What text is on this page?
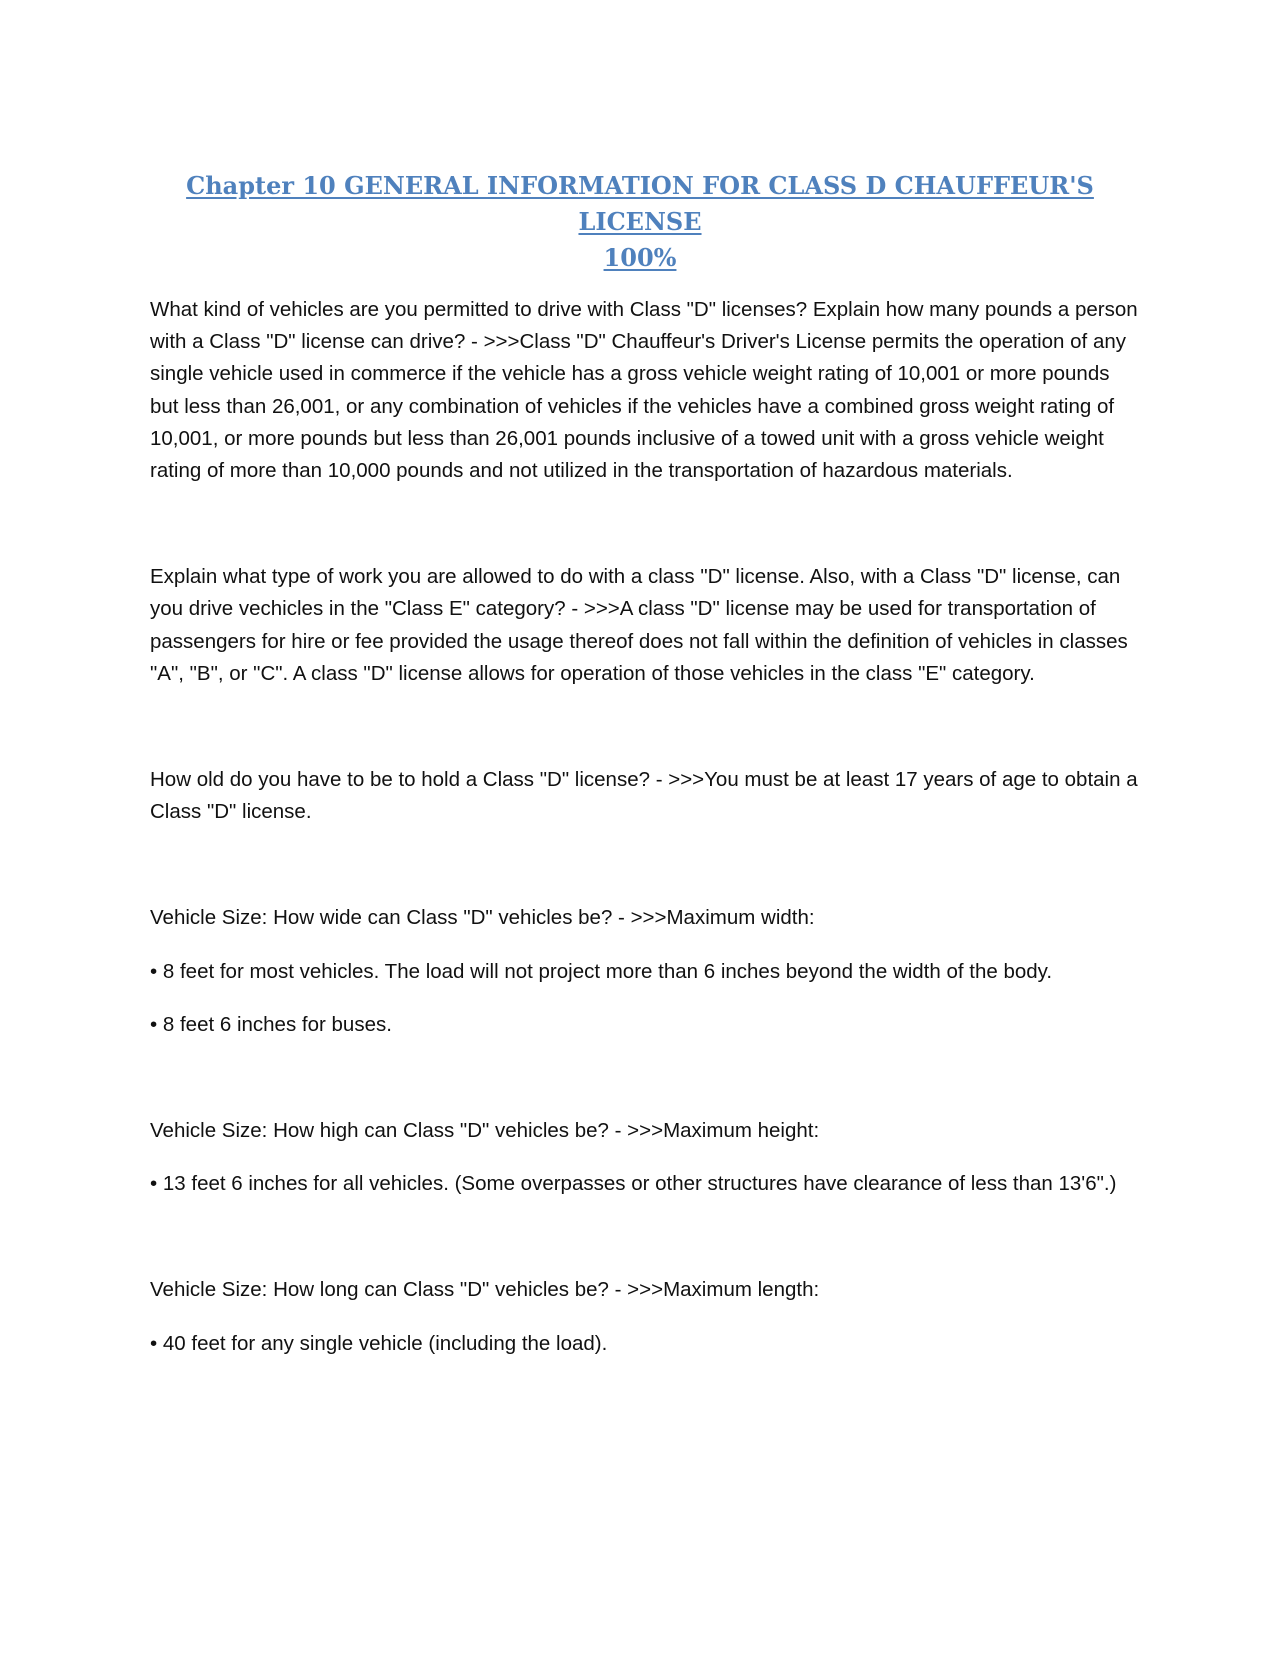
Chapter 10 GENERAL INFORMATION FOR CLASS D CHAUFFEUR'S LICENSE
100%

What kind of vehicles are you permitted to drive with Class "D" licenses? Explain how many pounds a person with a Class "D" license can drive? - >>>Class "D" Chauffeur's Driver's License permits the operation of any single vehicle used in commerce if the vehicle has a gross vehicle weight rating of 10,001 or more pounds but less than 26,001, or any combination of vehicles if the vehicles have a combined gross weight rating of 10,001, or more pounds but less than 26,001 pounds inclusive of a towed unit with a gross vehicle weight rating of more than 10,000 pounds and not utilized in the transportation of hazardous materials.

Explain what type of work you are allowed to do with a class "D" license. Also, with a Class "D" license, can you drive vechicles in the "Class E" category? - >>>A class "D" license may be used for transportation of passengers for hire or fee provided the usage thereof does not fall within the definition of vehicles in classes "A", "B", or "C". A class "D" license allows for operation of those vehicles in the class "E" category.

How old do you have to be to hold a Class "D" license? - >>>You must be at least 17 years of age to obtain a Class "D" license.

Vehicle Size: How wide can Class "D" vehicles be? - >>>Maximum width:

• 8 feet for most vehicles. The load will not project more than 6 inches beyond the width of the body.

• 8 feet 6 inches for buses.

Vehicle Size: How high can Class "D" vehicles be? - >>>Maximum height:

• 13 feet 6 inches for all vehicles. (Some overpasses or other structures have clearance of less than 13'6".)

Vehicle Size: How long can Class "D" vehicles be? - >>>Maximum length:

• 40 feet for any single vehicle (including the load).
